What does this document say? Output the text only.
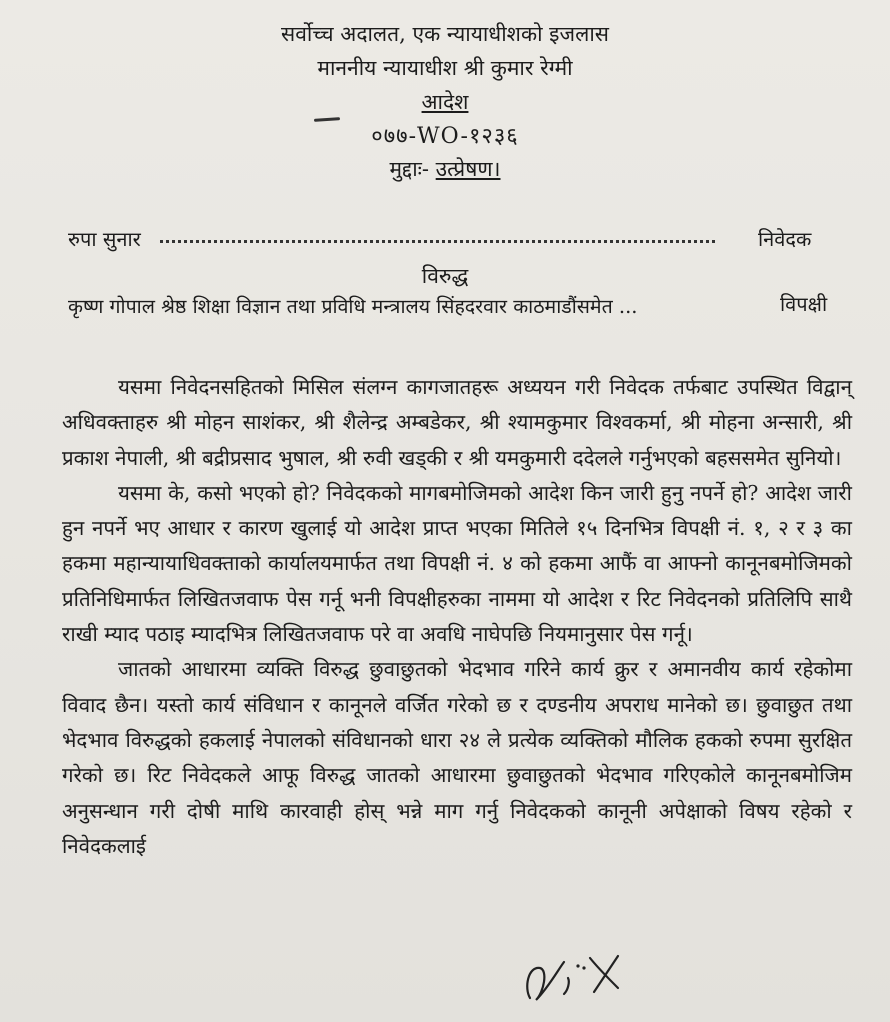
सर्वोच्च अदालत, एक न्यायाधीशको इजलास
माननीय न्यायाधीश श्री कुमार रेग्मी
आदेश
०७७-WO-१२३६
मुद्दाः- उत्प्रेषण।
रुपा सुनार	निवेदक
विरुद्ध
कृष्ण गोपाल श्रेष्ठ शिक्षा विज्ञान तथा प्रविधि मन्त्रालय सिंहदरवार काठमाडौंसमेत ...	विपक्षी

यसमा निवेदनसहितको मिसिल संलग्न कागजातहरू अध्ययन गरी निवेदक तर्फबाट उपस्थित विद्वान् अधिवक्ताहरु श्री मोहन साशंकर, श्री शैलेन्द्र अम्बडेकर, श्री श्यामकुमार विश्वकर्मा, श्री मोहना अन्सारी, श्री प्रकाश नेपाली, श्री बद्रीप्रसाद भुषाल, श्री रुवी खड्की र श्री यमकुमारी ददेलले गर्नुभएको बहससमेत सुनियो।

यसमा के, कसो भएको हो? निवेदकको मागबमोजिमको आदेश किन जारी हुनु नपर्ने हो? आदेश जारी हुन नपर्ने भए आधार र कारण खुलाई यो आदेश प्राप्त भएका मितिले १५ दिनभित्र विपक्षी नं. १, २ र ३ का हकमा महान्यायाधिवक्ताको कार्यालयमार्फत तथा विपक्षी नं. ४ को हकमा आफैं वा आफ्नो कानूनबमोजिमको प्रतिनिधिमार्फत लिखितजवाफ पेस गर्नू भनी विपक्षीहरुका नाममा यो आदेश र रिट निवेदनको प्रतिलिपि साथै राखी म्याद पठाइ म्यादभित्र लिखितजवाफ परे वा अवधि नाघेपछि नियमानुसार पेस गर्नू।

जातको आधारमा व्यक्ति विरुद्ध छुवाछुतको भेदभाव गरिने कार्य क्रुर र अमानवीय कार्य रहेकोमा विवाद छैन। यस्तो कार्य संविधान र कानूनले वर्जित गरेको छ र दण्डनीय अपराध मानेको छ। छुवाछुत तथा भेदभाव विरुद्धको हकलाई नेपालको संविधानको धारा २४ ले प्रत्येक व्यक्तिको मौलिक हकको रुपमा सुरक्षित गरेको छ। रिट निवेदकले आफू विरुद्ध जातको आधारमा छुवाछुतको भेदभाव गरिएकोले कानूनबमोजिम अनुसन्धान गरी दोषी माथि कारवाही होस् भन्ने माग गर्नु निवेदकको कानूनी अपेक्षाको विषय रहेको र निवेदकलाई
